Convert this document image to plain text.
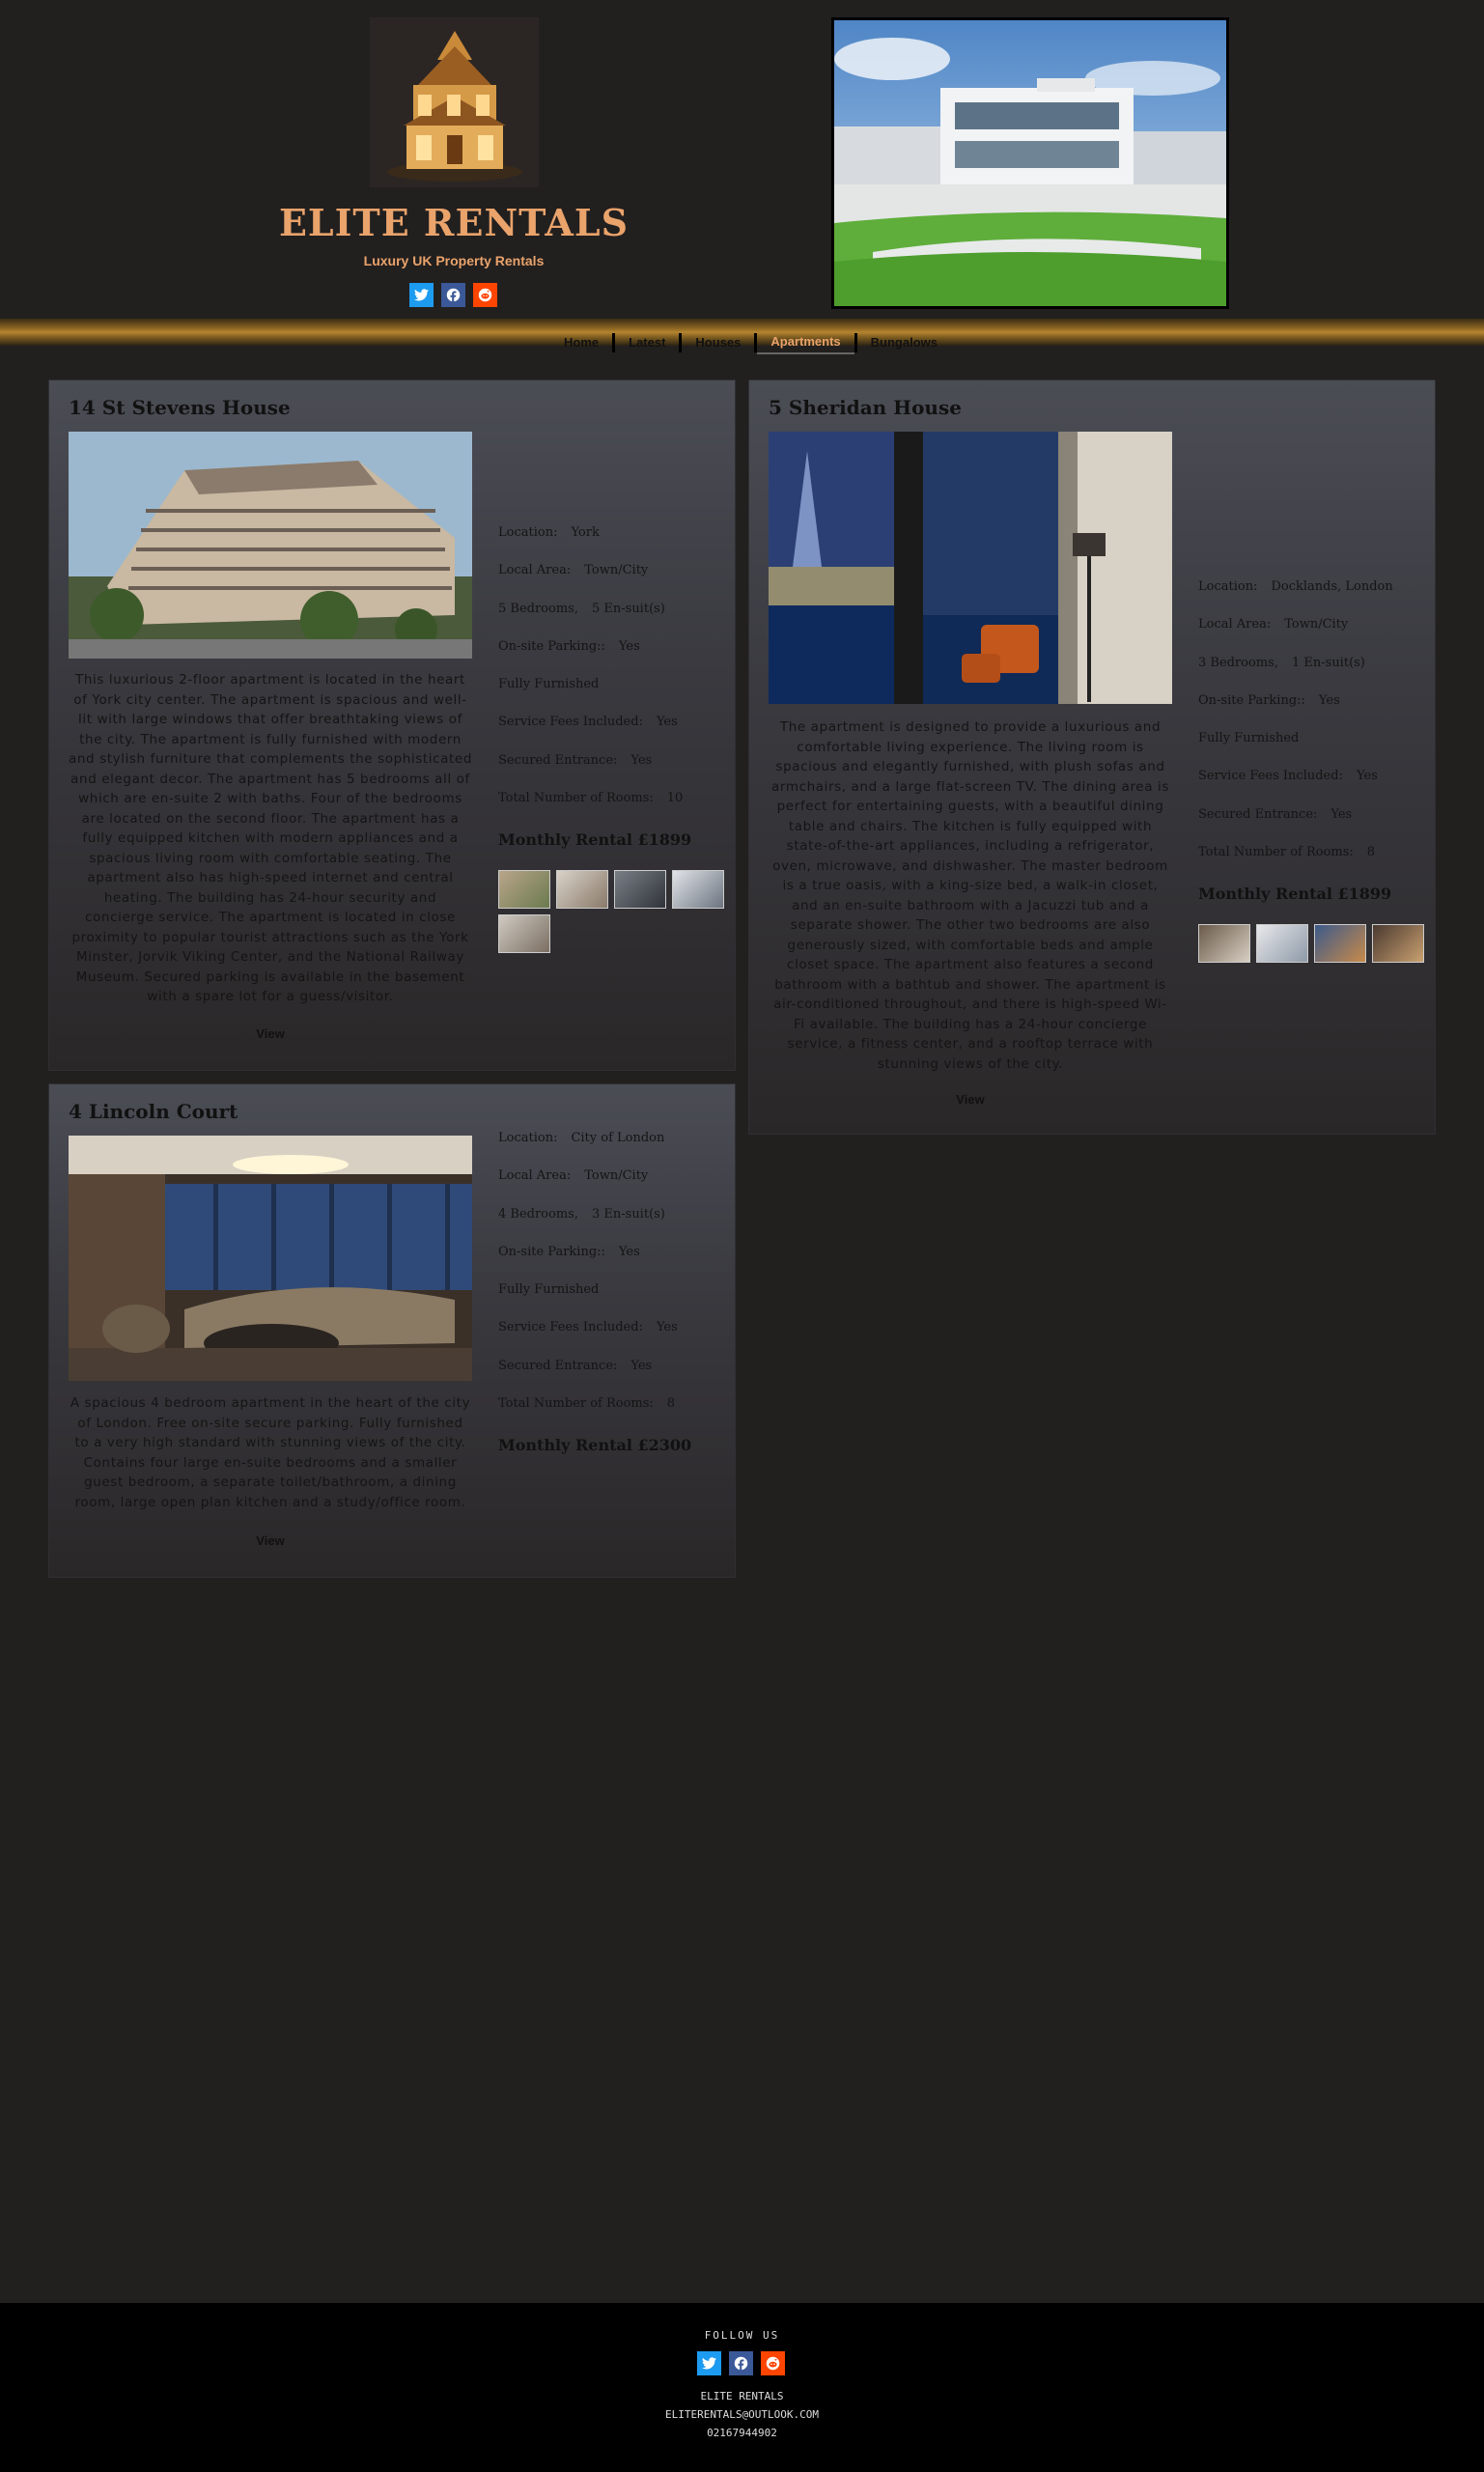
ELITE RENTALS
Luxury UK Property Rentals
Home	Latest	Houses	Apartments	Bungalows
14 St Stevens House
This luxurious 2-floor apartment is located in the heart of York city center. The apartment is spacious and well-lit with large windows that offer breathtaking views of the city. The apartment is fully furnished with modern and stylish furniture that complements the sophisticated and elegant decor. The apartment has 5 bedrooms all of which are en-suite 2 with baths. Four of the bedrooms are located on the second floor. The apartment has a fully equipped kitchen with modern appliances and a spacious living room with comfortable seating. The apartment also has high-speed internet and central heating. The building has 24-hour security and concierge service. The apartment is located in close proximity to popular tourist attractions such as the York Minster, Jorvik Viking Center, and the National Railway Museum. Secured parking is available in the basement with a spare lot for a guess/visitor.
View
Location: York
Local Area: Town/City
5 Bedrooms, 5 En-suit(s)
On-site Parking:: Yes
Fully Furnished
Service Fees Included: Yes
Secured Entrance: Yes
Total Number of Rooms: 10
Monthly Rental £1899
5 Sheridan House
The apartment is designed to provide a luxurious and comfortable living experience. The living room is spacious and elegantly furnished, with plush sofas and armchairs, and a large flat-screen TV. The dining area is perfect for entertaining guests, with a beautiful dining table and chairs. The kitchen is fully equipped with state-of-the-art appliances, including a refrigerator, oven, microwave, and dishwasher. The master bedroom is a true oasis, with a king-size bed, a walk-in closet, and an en-suite bathroom with a Jacuzzi tub and a separate shower. The other two bedrooms are also generously sized, with comfortable beds and ample closet space. The apartment also features a second bathroom with a bathtub and shower. The apartment is air-conditioned throughout, and there is high-speed Wi-Fi available. The building has a 24-hour concierge service, a fitness center, and a rooftop terrace with stunning views of the city.
View
Location: Docklands, London
Local Area: Town/City
3 Bedrooms, 1 En-suit(s)
On-site Parking:: Yes
Fully Furnished
Service Fees Included: Yes
Secured Entrance: Yes
Total Number of Rooms: 8
Monthly Rental £1899
4 Lincoln Court
A spacious 4 bedroom apartment in the heart of the city of London. Free on-site secure parking. Fully furnished to a very high standard with stunning views of the city. Contains four large en-suite bedrooms and a smaller guest bedroom, a separate toilet/bathroom, a dining room, large open plan kitchen and a study/office room.
View
Location: City of London
Local Area: Town/City
4 Bedrooms, 3 En-suit(s)
On-site Parking:: Yes
Fully Furnished
Service Fees Included: Yes
Secured Entrance: Yes
Total Number of Rooms: 8
Monthly Rental £2300
FOLLOW US
ELITE RENTALS
ELITERENTALS@OUTLOOK.COM
02167944902
